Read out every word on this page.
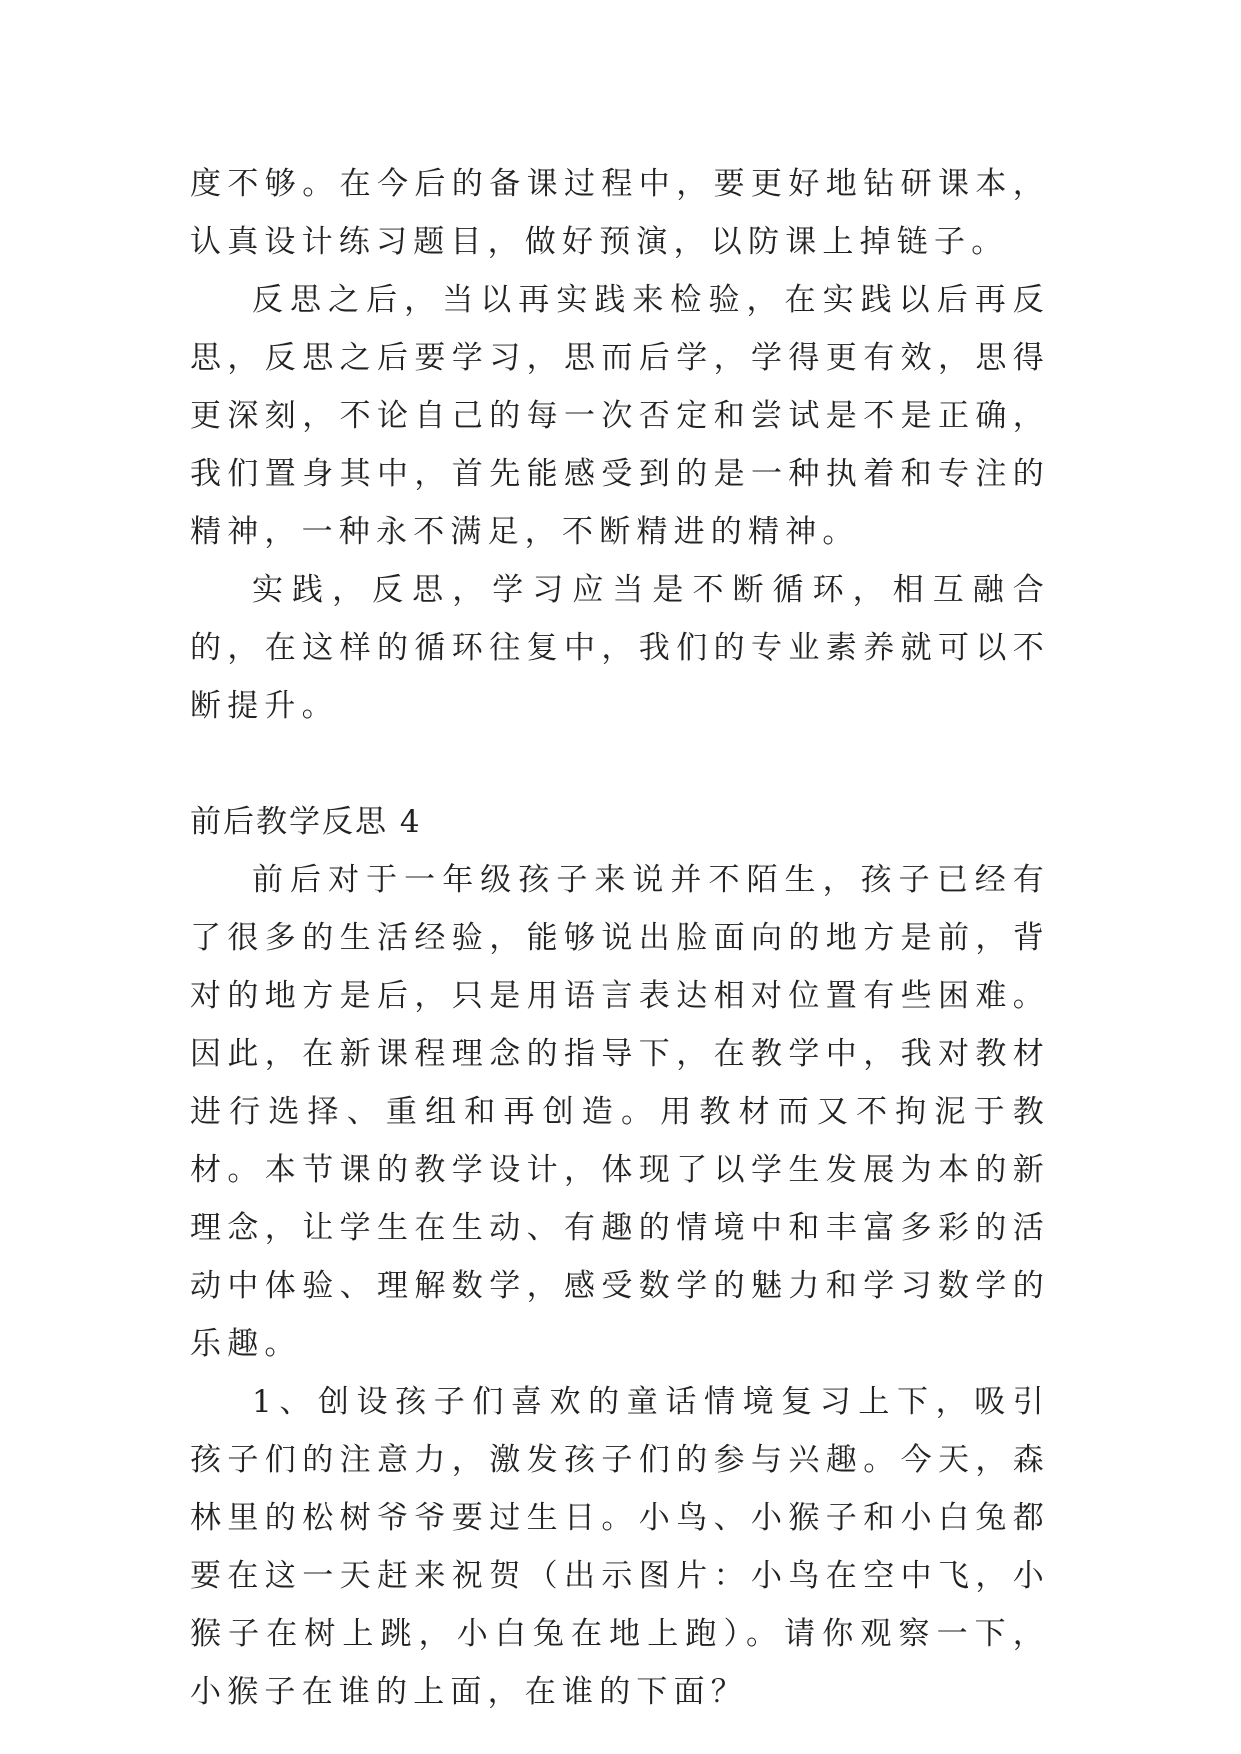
度不够。在今后的备课过程中，要更好地钻研课本，认真设计练习题目，做好预演，以防课上掉链子。

反思之后，当以再实践来检验，在实践以后再反思，反思之后要学习，思而后学，学得更有效，思得更深刻，不论自己的每一次否定和尝试是不是正确，我们置身其中，首先能感受到的是一种执着和专注的精神，一种永不满足，不断精进的精神。

实践，反思，学习应当是不断循环，相互融合的，在这样的循环往复中，我们的专业素养就可以不断提升。

前后教学反思 4

前后对于一年级孩子来说并不陌生，孩子已经有了很多的生活经验，能够说出脸面向的地方是前，背对的地方是后，只是用语言表达相对位置有些困难。因此，在新课程理念的指导下，在教学中，我对教材进行选择、重组和再创造。用教材而又不拘泥于教材。本节课的教学设计，体现了以学生发展为本的新理念，让学生在生动、有趣的情境中和丰富多彩的活动中体验、理解数学，感受数学的魅力和学习数学的乐趣。

1、创设孩子们喜欢的童话情境复习上下，吸引孩子们的注意力，激发孩子们的参与兴趣。今天，森林里的松树爷爷要过生日。小鸟、小猴子和小白兔都要在这一天赶来祝贺（出示图片：小鸟在空中飞，小猴子在树上跳，小白兔在地上跑）。请你观察一下，小猴子在谁的上面，在谁的下面？
